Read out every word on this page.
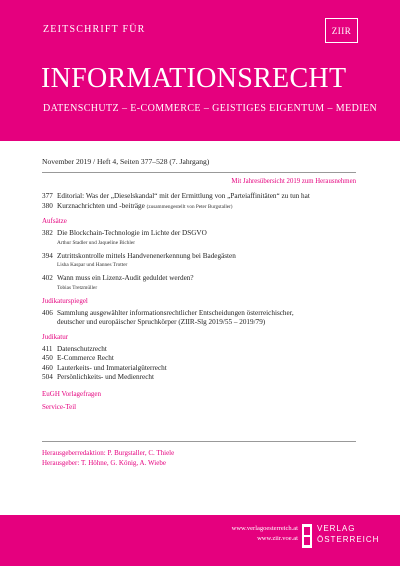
ZEITSCHRIFT FÜR	ZIIR
INFORMATIONSRECHT
DATENSCHUTZ – E-COMMERCE – GEISTIGES EIGENTUM – MEDIEN
November 2019 / Heft 4, Seiten 377–528 (7. Jahrgang)
Mit Jahresübersicht 2019 zum Herausnehmen
377 Editorial: Was der „Dieselskandal“ mit der Ermittlung von „Parteiaffinitäten“ zu tun hat
380 Kurznachrichten und -beiträge (zusammengestellt von Peter Burgstaller)
Aufsätze
382 Die Blockchain-Technologie im Lichte der DSGVO
Arthur Stadler und Jaqueline Bichler
394 Zutrittskontrolle mittels Handvenenerkennung bei Badegästen
Lisha Kaspar und Hannes Trotter
402 Wann muss ein Lizenz-Audit geduldet werden?
Tobias Tretzmüller
Judikaturspiegel
406 Sammlung ausgewählter informationsrechtlicher Entscheidungen österreichischer,
deutscher und europäischer Spruchkörper (ZIIR-Slg 2019/55 – 2019/79)
Judikatur
411 Datenschutzrecht
450 E-Commerce Recht
460 Lauterkeits- und Immaterialgüterrecht
504 Persönlichkeits- und Medienrecht
EuGH Vorlagefragen
Service-Teil
Herausgeberredaktion: P. Burgstaller, C. Thiele
Herausgeber: T. Höhne, G. König, A. Wiebe
www.verlagoesterreich.at
www.ziir.voe.at
VERLAG
ÖSTERREICH
